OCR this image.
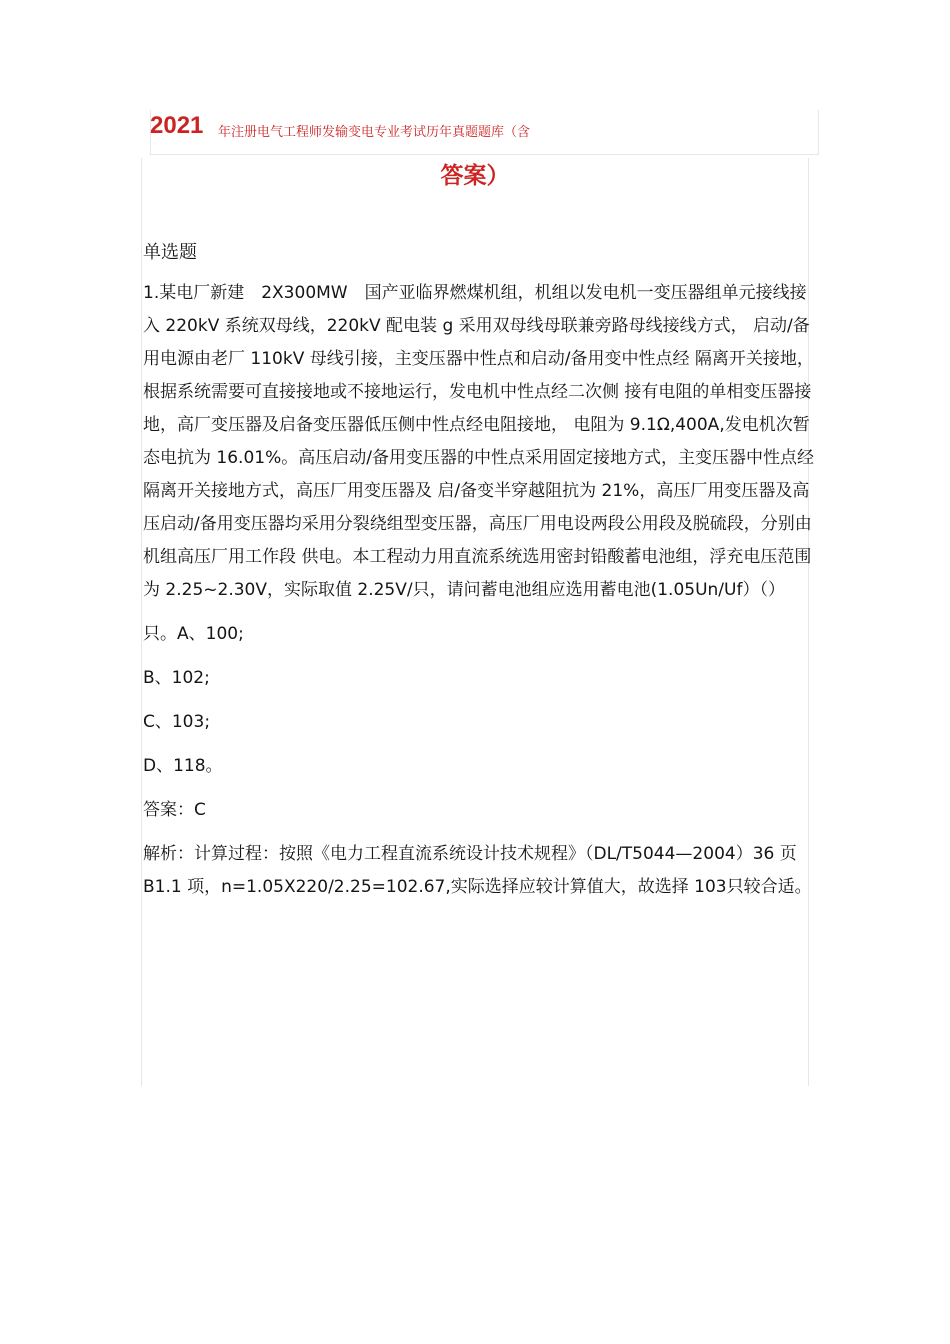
2021 年注册电气工程师发输变电专业考试历年真题题库（含
答案）
单选题
1.某电厂新建　2X300MW　国产亚临界燃煤机组，机组以发电机一变压器组单元接线接入 220kV 系统双母线，220kV 配电装 g 采用双母线母联兼旁路母线接线方式， 启动/备用电源由老厂 110kV 母线引接，主变压器中性点和启动/备用变中性点经 隔离开关接地，根据系统需要可直接接地或不接地运行，发电机中性点经二次侧 接有电阻的单相变压器接地，高厂变压器及启备变压器低压侧中性点经电阻接地， 电阻为 9.1Ω,400A,发电机次暂态电抗为 16.01%。高压启动/备用变压器的中性点采用固定接地方式，主变压器中性点经隔离开关接地方式，高压厂用变压器及 启/备变半穿越阻抗为 21%，高压厂用变压器及高压启动/备用变压器均采用分裂绕组型变压器，高压厂用电设两段公用段及脱硫段，分别由机组高压厂用工作段 供电。本工程动力用直流系统选用密封铅酸蓄电池组，浮充电压范围为 2.25~2.30V，实际取值 2.25V/只，请问蓄电池组应选用蓄电池(1.05Un/Uf）（）
只。A、100;
B、102;
C、103;
D、118。
答案：C
解析：计算过程：按照《电力工程直流系统设计技术规程》（DL/T5044—2004）36 页 B1.1 项，n=1.05X220/2.25=102.67,实际选择应较计算值大，故选择 103只较合适。
